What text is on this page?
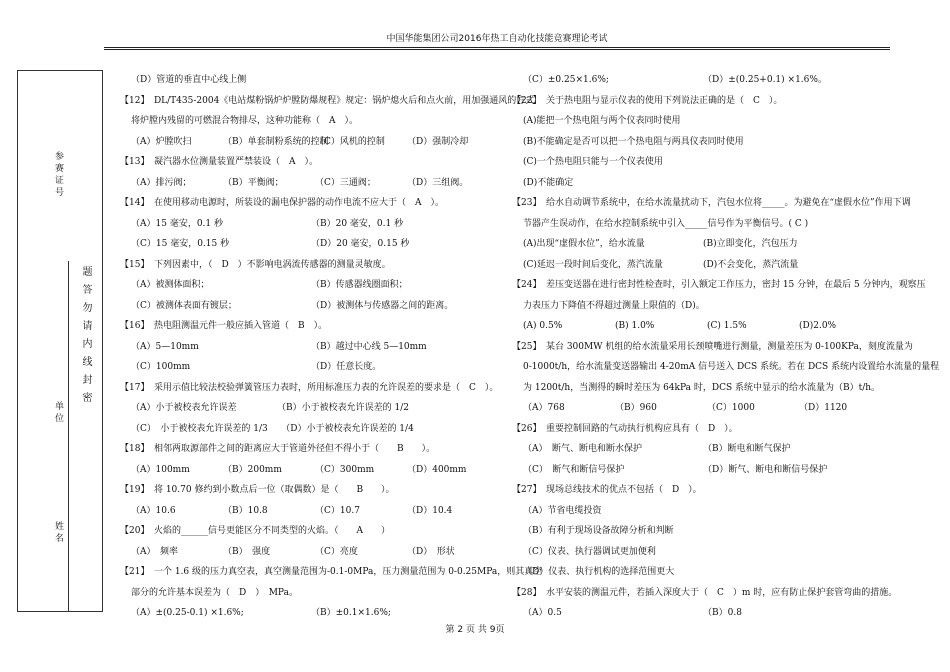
中国华能集团公司2016年热工自动化技能竞赛理论考试
参赛证号
单位
姓名
题答勿请内线封密
（D）管道的垂直中心线上侧
【12】　DL/T435-2004《电站煤粉锅炉炉膛防爆规程》规定：锅炉熄火后和点火前，用加强通风的方式
将炉膛内残留的可燃混合物排尽，这种功能称（　A　）。
（A）炉膛吹扫	（B）单套制粉系统的控制
（C）风机的控制	（D）强制冷却
【13】　凝汽器水位测量装置严禁装设（　A　）。
（A）排污阀；	（B）平衡阀；	（C）三通阀；	（D）三组阀。
【14】　在使用移动电源时，所装设的漏电保护器的动作电流不应大于（　A　）。
（A）15 毫安，0.1 秒	（B）20 毫安，0.1 秒
（C）15 毫安，0.15 秒	（D）20 毫安，0.15 秒
【15】　下列因素中，（　D　）不影响电涡流传感器的测量灵敏度。
（A）被测体面积；	（B）传感器线圈面积；
（C）被测体表面有镀层；	（D）被测体与传感器之间的距离。
【16】　热电阻测温元件一般应插入管道（　B　）。
（A）5—10mm	（B）越过中心线 5—10mm
（C）100mm	（D）任意长度。
【17】　采用示值比较法校验弹簧管压力表时，所用标准压力表的允许误差的要求是（　C　）。
（A）小于被校表允许误差　　　　　（B）小于被校表允许误差的 1/2
（C）　小于被校表允许误差的 1/3　　（D）小于被校表允许误差的 1/4
【18】　相邻两取源部件之间的距离应大于管道外径但不得小于（　　B　　）。
（A）100mm	（B）200mm	（C）300mm	（D）400mm
【19】　将 10.70 修约到小数点后一位（取偶数）是（　　B　　）。
（A）10.6	（B）10.8	（C）10.7	（D）10.4
【20】　火焰的______信号更能区分不同类型的火焰。（　　A　　）
（A）　频率	（B）　强度	（C）亮度	（D）　形状
【21】　一个 1.6 级的压力真空表，真空测量范围为-0.1-0MPa，压力测量范围为 0-0.25MPa，则其真空
部分的允许基本误差为（　D　）　MPa。
（A）±(0.25-0.1) ×1.6%;	（B）±0.1×1.6%;
（C）±0.25×1.6%;	（D）±(0.25+0.1) ×1.6%。
【22】　关于热电阻与显示仪表的使用下列说法正确的是（　C　）。
(A)能把一个热电阻与两个仪表同时使用
(B)不能确定是否可以把一个热电阻与两具仪表同时使用
(C)一个热电阻只能与一个仪表使用
(D)不能确定
【23】　给水自动调节系统中，在给水流量扰动下，汽包水位将_____。为避免在“虚假水位”作用下调
节器产生误动作，在给水控制系统中引入_____信号作为平衡信号。( C )
(A)出现“虚假水位”，给水流量	(B)立即变化，汽包压力
(C)延迟一段时间后变化，蒸汽流量	(D)不会变化，蒸汽流量
【24】　差压变送器在进行密封性检查时，引入额定工作压力，密封 15 分钟，在最后 5 分钟内，观察压
力表压力下降值不得超过测量上限值的（D)。
(A) 0.5%	(B) 1.0%	(C) 1.5%	(D)2.0%
【25】　某台 300MW 机组的给水流量采用长颈喷嘴进行测量，测量差压为 0-100KPa，刻度流量为
0-1000t/h，给水流量变送器输出 4-20mA 信号送入 DCS 系统。若在 DCS 系统内设置给水流量的量程
为 1200t/h，当测得的瞬时差压为 64kPa 时，DCS 系统中显示的给水流量为（B）t/h。
（A）768	（B）960	（C）1000	（D）1120
【26】　重要控制回路的气动执行机构应具有（　D　）。
（A）　断气、断电和断水保护	（B）断电和断气保护
（C）　断气和断信号保护	（D）断气、断电和断信号保护
【27】　现场总线技术的优点不包括（　D　）。
（A）节省电缆投资
（B）有利于现场设备故障分析和判断
（C）仪表、执行器调试更加便利
（D）仪表、执行机构的选择范围更大
【28】　水平安装的测温元件，若插入深度大于（　C　）m 时，应有防止保护套管弯曲的措施。
（A）0.5	（B）0.8
第 2 页 共 9页
